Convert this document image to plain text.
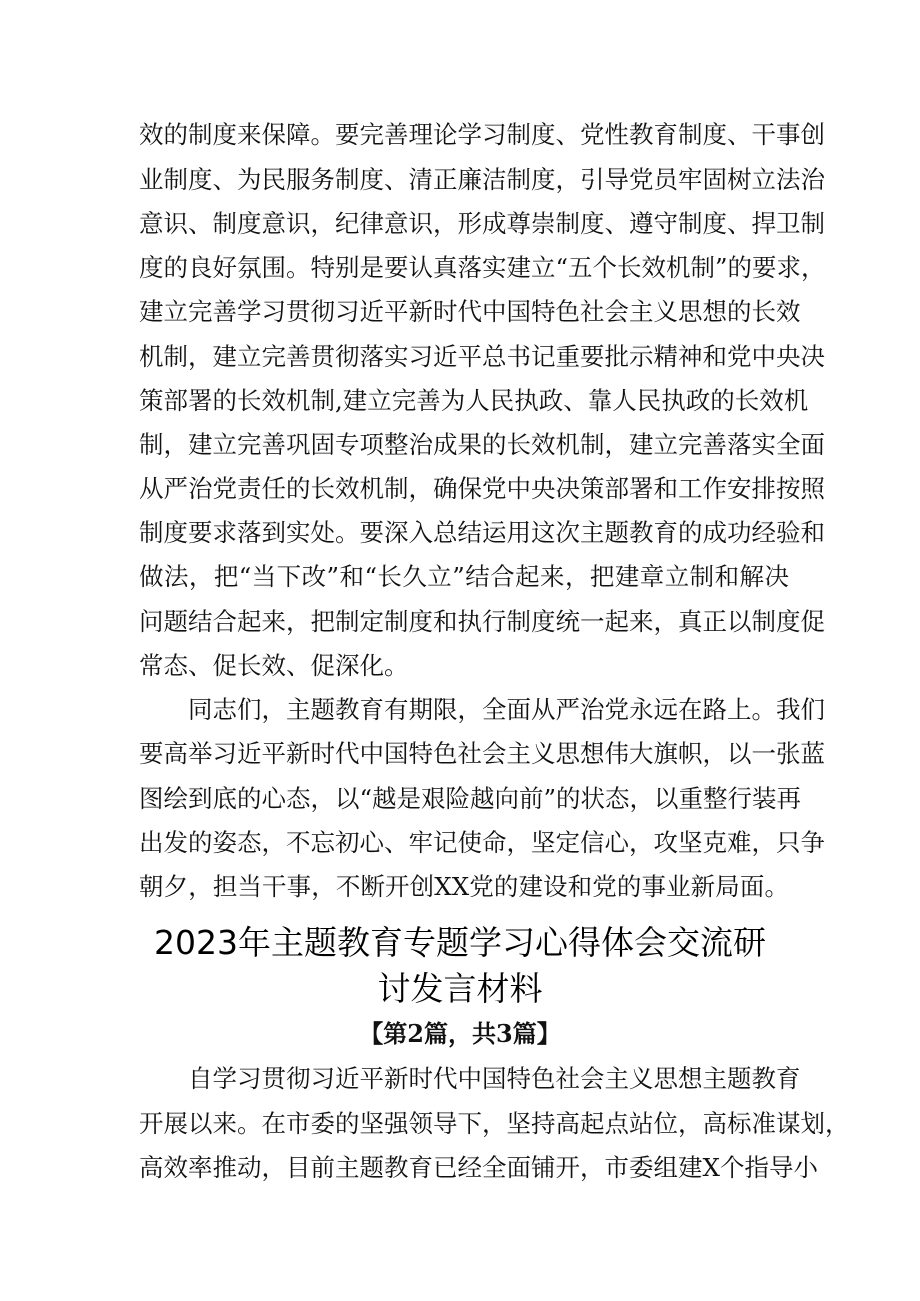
效的制度来保障。要完善理论学习制度、党性教育制度、干事创
业制度、为民服务制度、清正廉洁制度，引导党员牢固树立法治
意识、制度意识，纪律意识，形成尊崇制度、遵守制度、捍卫制
度的良好氛围。特别是要认真落实建立“五个长效机制”的要求，
建立完善学习贯彻习近平新时代中国特色社会主义思想的长效
机制，建立完善贯彻落实习近平总书记重要批示精神和党中央决
策部署的长效机制,建立完善为人民执政、靠人民执政的长效机
制，建立完善巩固专项整治成果的长效机制，建立完善落实全面
从严治党责任的长效机制，确保党中央决策部署和工作安排按照
制度要求落到实处。要深入总结运用这次主题教育的成功经验和
做法，把“当下改”和“长久立”结合起来，把建章立制和解决
问题结合起来，把制定制度和执行制度统一起来，真正以制度促
常态、促长效、促深化。
同志们，主题教育有期限，全面从严治党永远在路上。我们
要高举习近平新时代中国特色社会主义思想伟大旗帜，以一张蓝
图绘到底的心态，以“越是艰险越向前”的状态，以重整行装再
出发的姿态，不忘初心、牢记使命，坚定信心，攻坚克难，只争
朝夕，担当干事，不断开创XX党的建设和党的事业新局面。
2023年主题教育专题学习心得体会交流研
讨发言材料
【第2篇，共3篇】
自学习贯彻习近平新时代中国特色社会主义思想主题教育
开展以来。在市委的坚强领导下，坚持高起点站位，高标准谋划，
高效率推动，目前主题教育已经全面铺开，市委组建X个指导小
